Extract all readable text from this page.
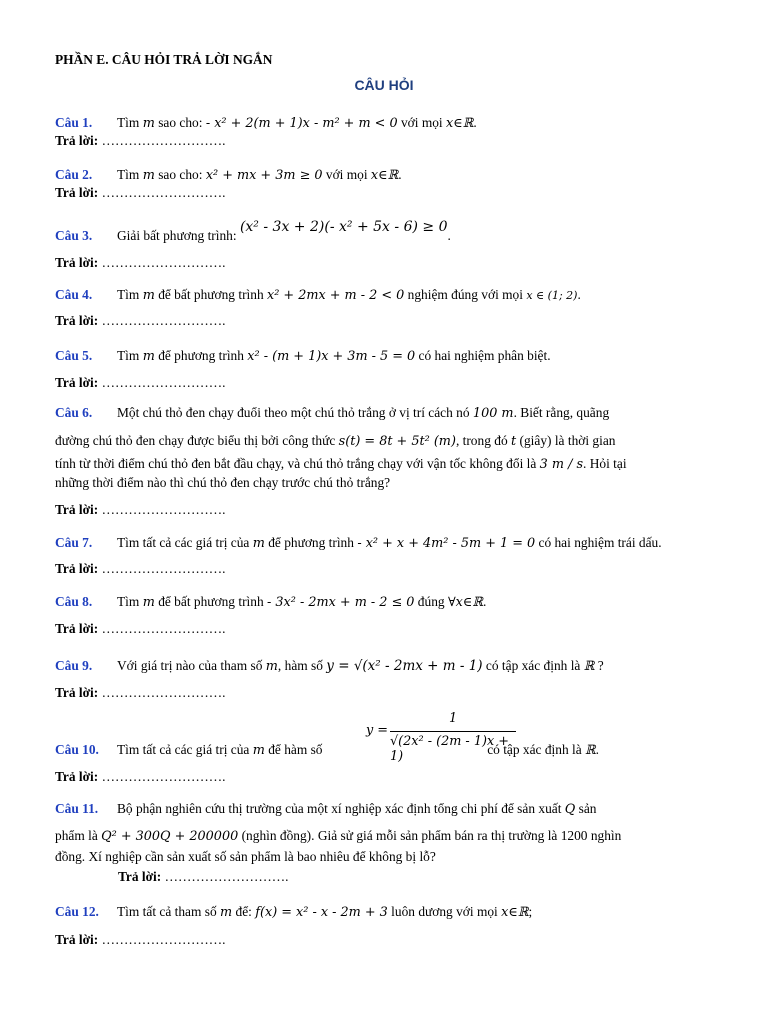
PHẦN E. CÂU HỎI TRẢ LỜI NGẮN
CÂU HỎI
Câu 1. Tìm m sao cho: - x² + 2(m + 1)x - m² + m < 0 với mọi x∈ℝ.
Trả lời: ……………………….
Câu 2. Tìm m sao cho: x² + mx + 3m ≥ 0 với mọi x∈ℝ.
Trả lời: ……………………….
Câu 3. Giải bất phương trình: (x² - 3x + 2)(- x² + 5x - 6) ≥ 0.
Trả lời: ……………………….
Câu 4. Tìm m để bất phương trình x² + 2mx + m - 2 < 0 nghiệm đúng với mọi x ∈ (1; 2).
Trả lời: ……………………….
Câu 5. Tìm m để phương trình x² - (m + 1)x + 3m - 5 = 0 có hai nghiệm phân biệt.
Trả lời: ……………………….
Câu 6. Một chú thỏ đen chạy đuổi theo một chú thỏ trắng ở vị trí cách nó 100 m. Biết rằng, quãng
đường chú thỏ đen chạy được biểu thị bởi công thức s(t) = 8t + 5t² (m), trong đó t (giây) là thời gian
tính từ thời điểm chú thỏ đen bắt đầu chạy, và chú thỏ trắng chạy với vận tốc không đổi là 3 m / s. Hỏi tại
những thời điểm nào thì chú thỏ đen chạy trước chú thỏ trắng?
Trả lời: ……………………….
Câu 7. Tìm tất cả các giá trị của m để phương trình - x² + x + 4m² - 5m + 1 = 0 có hai nghiệm trái dấu.
Trả lời: ……………………….
Câu 8. Tìm m để bất phương trình - 3x² - 2mx + m - 2 ≤ 0 đúng ∀x∈ℝ.
Trả lời: ……………………….
Câu 9. Với giá trị nào của tham số m, hàm số y = √(x² - 2mx + m - 1) có tập xác định là ℝ ?
Trả lời: ……………………….
y =
1
√(2x² - (2m - 1)x + 1)
Câu 10. Tìm tất cả các giá trị của m để hàm số	có tập xác định là ℝ.
Trả lời: ……………………….
Câu 11. Bộ phận nghiên cứu thị trường của một xí nghiệp xác định tổng chi phí để sản xuất Q sản
phẩm là Q² + 300Q + 200000 (nghìn đồng). Giả sử giá mỗi sản phẩm bán ra thị trường là 1200 nghìn
đồng. Xí nghiệp cần sản xuất số sản phẩm là bao nhiêu để không bị lỗ?
Trả lời: ……………………….
Câu 12. Tìm tất cả tham số m để: f(x) = x² - x - 2m + 3 luôn dương với mọi x∈ℝ;
Trả lời: ……………………….
